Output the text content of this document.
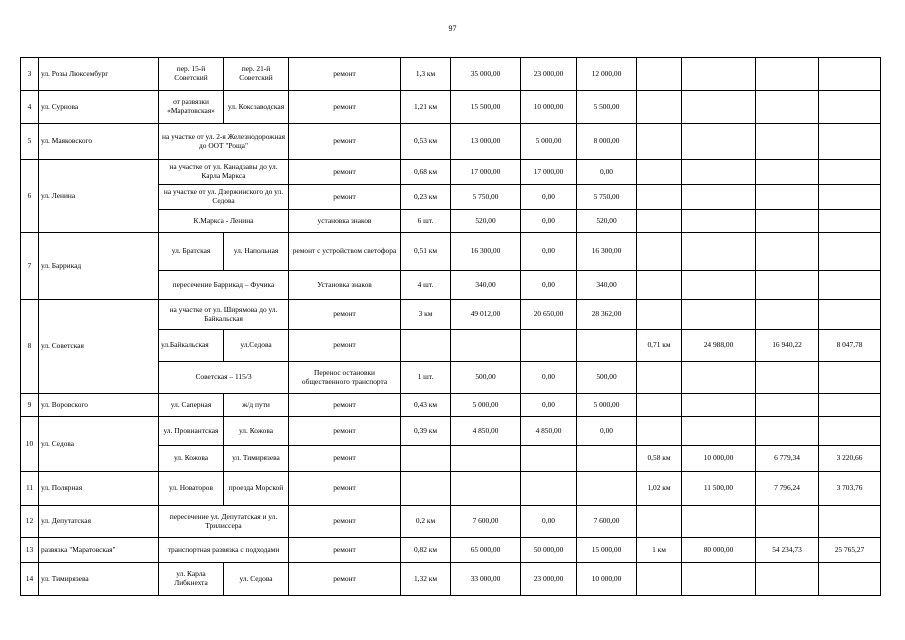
97
3	ул. Розы Люксембург	пер. 15-й Советский	пер. 21-й Советский	ремонт	1,3 км	35 000,00	23 000,00	12 000,00				
4	ул. Сурнова	от развязки «Маратовская»	ул. Коксзаводская	ремонт	1,21 км	15 500,00	10 000,00	5 500,00				
5	ул. Маяковского	на участке от ул. 2-я Железнодорожная до ООТ "Роща"		ремонт	0,53 км	13 000,00	5 000,00	8 000,00				
6	ул. Ленина	на участке от ул. Канадзавы до ул. Карла Маркса		ремонт	0,68 км	17 000,00	17 000,00	0,00				
		на участке от ул. Дзержинского до ул. Седова		ремонт	0,23 км	5 750,00	0,00	5 750,00				
		К.Маркса - Ленина		установка знаков	6 шт.	520,00	0,00	520,00				
7	ул. Баррикад	ул. Братская	ул. Напольная	ремонт с устройством светофора	0,51 км	16 300,00	0,00	16 300,00				
		пересечение Баррикад – Фучика		Установка знаков	4 шт.	340,00	0,00	340,00				
8	ул. Советская	на участке от ул. Ширямова до ул. Байкальская		ремонт	3 км	49 012,00	20 650,00	28 362,00				
		ул.Байкальская	ул.Седова	ремонт					0,71 км	24 988,00	16 940,22	8 047,78
		Советская – 115/3		Перенос остановки общественного транспорта	1 шт.	500,00	0,00	500,00				
9	ул. Воровского	ул. Саперная	ж/д пути	ремонт	0,43 км	5 000,00	0,00	5 000,00				
10	ул. Седова	ул. Провиантская	ул. Кожова	ремонт	0,39 км	4 850,00	4 850,00	0,00				
		ул. Кожова	ул. Тимирязева	ремонт					0,58 км	10 000,00	6 779,34	3 220,66
11	ул. Полярная	ул. Новаторов	проезда Морской	ремонт					1,02 км	11 500,00	7 796,24	3 703,76
12	ул. Депутатская	пересечение ул. Депутатская и ул. Трилиссера		ремонт	0,2 км	7 600,00	0,00	7 600,00				
13	развязка "Маратовская"	транспортная развязка с подходами		ремонт	0,82 км	65 000,00	50 000,00	15 000,00	1 км	80 000,00	54 234,73	25 765,27
14	ул. Тимирязева	ул. Карла Либкнехта	ул. Седова	ремонт	1,32 км	33 000,00	23 000,00	10 000,00				
